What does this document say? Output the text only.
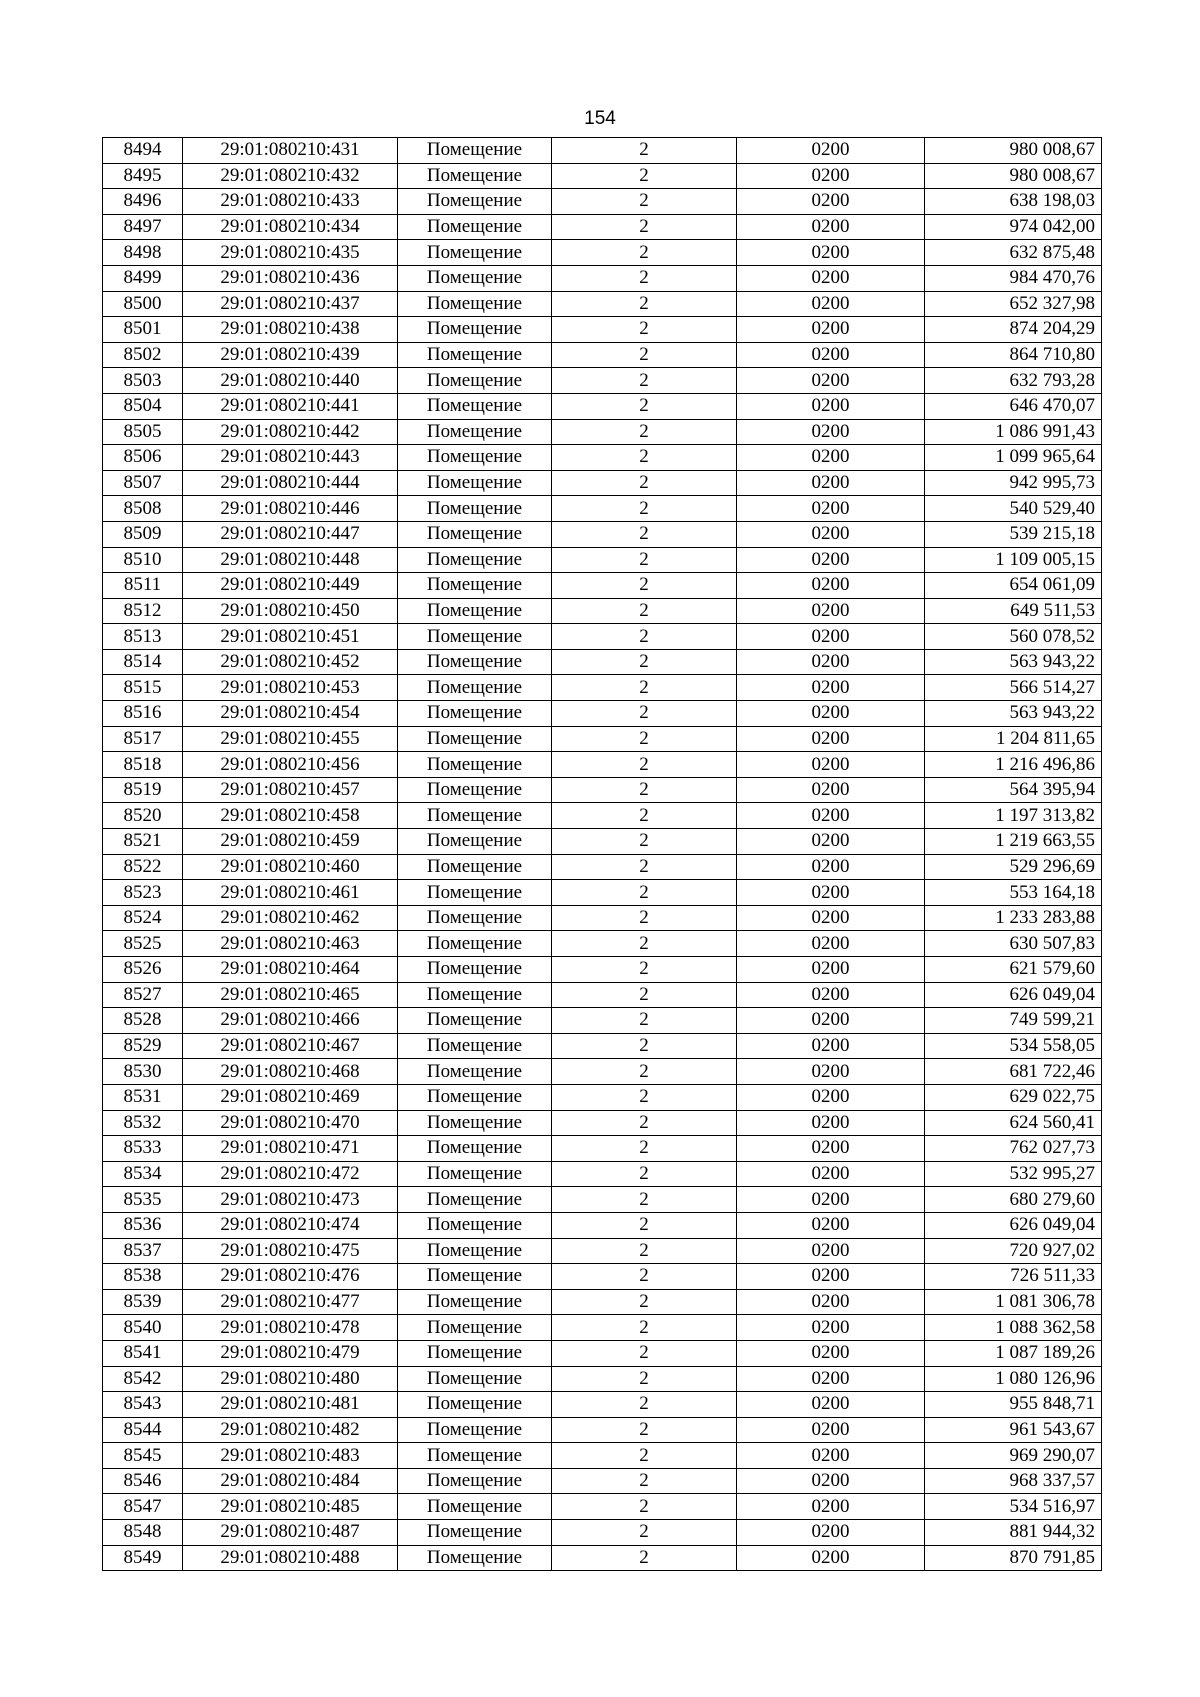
154
8494	29:01:080210:431	Помещение	2	0200	980 008,67
8495	29:01:080210:432	Помещение	2	0200	980 008,67
8496	29:01:080210:433	Помещение	2	0200	638 198,03
8497	29:01:080210:434	Помещение	2	0200	974 042,00
8498	29:01:080210:435	Помещение	2	0200	632 875,48
8499	29:01:080210:436	Помещение	2	0200	984 470,76
8500	29:01:080210:437	Помещение	2	0200	652 327,98
8501	29:01:080210:438	Помещение	2	0200	874 204,29
8502	29:01:080210:439	Помещение	2	0200	864 710,80
8503	29:01:080210:440	Помещение	2	0200	632 793,28
8504	29:01:080210:441	Помещение	2	0200	646 470,07
8505	29:01:080210:442	Помещение	2	0200	1 086 991,43
8506	29:01:080210:443	Помещение	2	0200	1 099 965,64
8507	29:01:080210:444	Помещение	2	0200	942 995,73
8508	29:01:080210:446	Помещение	2	0200	540 529,40
8509	29:01:080210:447	Помещение	2	0200	539 215,18
8510	29:01:080210:448	Помещение	2	0200	1 109 005,15
8511	29:01:080210:449	Помещение	2	0200	654 061,09
8512	29:01:080210:450	Помещение	2	0200	649 511,53
8513	29:01:080210:451	Помещение	2	0200	560 078,52
8514	29:01:080210:452	Помещение	2	0200	563 943,22
8515	29:01:080210:453	Помещение	2	0200	566 514,27
8516	29:01:080210:454	Помещение	2	0200	563 943,22
8517	29:01:080210:455	Помещение	2	0200	1 204 811,65
8518	29:01:080210:456	Помещение	2	0200	1 216 496,86
8519	29:01:080210:457	Помещение	2	0200	564 395,94
8520	29:01:080210:458	Помещение	2	0200	1 197 313,82
8521	29:01:080210:459	Помещение	2	0200	1 219 663,55
8522	29:01:080210:460	Помещение	2	0200	529 296,69
8523	29:01:080210:461	Помещение	2	0200	553 164,18
8524	29:01:080210:462	Помещение	2	0200	1 233 283,88
8525	29:01:080210:463	Помещение	2	0200	630 507,83
8526	29:01:080210:464	Помещение	2	0200	621 579,60
8527	29:01:080210:465	Помещение	2	0200	626 049,04
8528	29:01:080210:466	Помещение	2	0200	749 599,21
8529	29:01:080210:467	Помещение	2	0200	534 558,05
8530	29:01:080210:468	Помещение	2	0200	681 722,46
8531	29:01:080210:469	Помещение	2	0200	629 022,75
8532	29:01:080210:470	Помещение	2	0200	624 560,41
8533	29:01:080210:471	Помещение	2	0200	762 027,73
8534	29:01:080210:472	Помещение	2	0200	532 995,27
8535	29:01:080210:473	Помещение	2	0200	680 279,60
8536	29:01:080210:474	Помещение	2	0200	626 049,04
8537	29:01:080210:475	Помещение	2	0200	720 927,02
8538	29:01:080210:476	Помещение	2	0200	726 511,33
8539	29:01:080210:477	Помещение	2	0200	1 081 306,78
8540	29:01:080210:478	Помещение	2	0200	1 088 362,58
8541	29:01:080210:479	Помещение	2	0200	1 087 189,26
8542	29:01:080210:480	Помещение	2	0200	1 080 126,96
8543	29:01:080210:481	Помещение	2	0200	955 848,71
8544	29:01:080210:482	Помещение	2	0200	961 543,67
8545	29:01:080210:483	Помещение	2	0200	969 290,07
8546	29:01:080210:484	Помещение	2	0200	968 337,57
8547	29:01:080210:485	Помещение	2	0200	534 516,97
8548	29:01:080210:487	Помещение	2	0200	881 944,32
8549	29:01:080210:488	Помещение	2	0200	870 791,85
